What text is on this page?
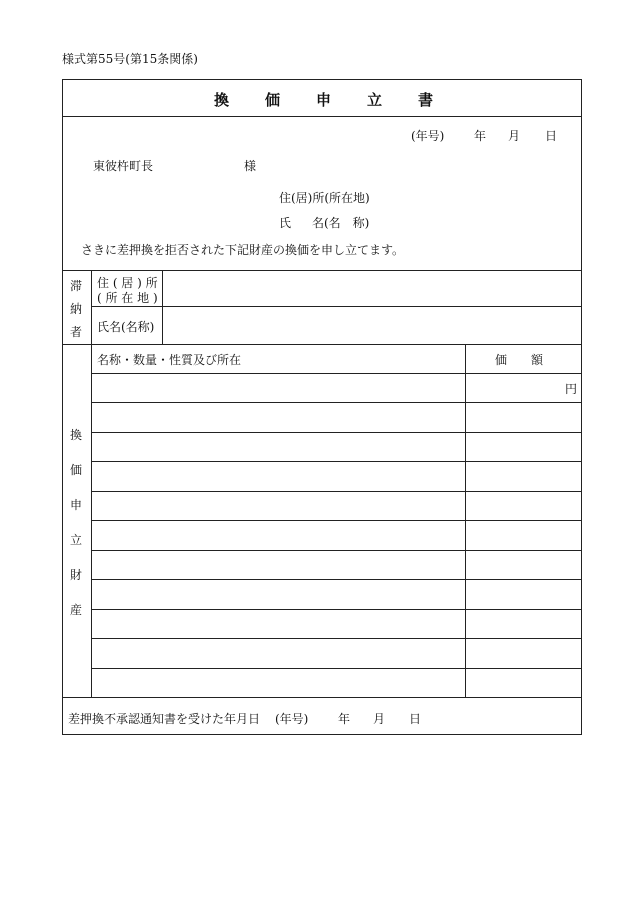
様式第55号(第15条関係)
換 価 申 立 書
(年号) 年 月 日
東彼杵町長	様
住(居)所(所在地)
氏 名(名　称)
さきに差押換を拒否された下記財産の換価を申し立てます。
滞
納
者
住 ( 居 ) 所
( 所 在 地 )
氏名(名称)
換
価
申
立
財
産
名称・数量・性質及び所在	価　　額
円
差押換不承認通知書を受けた年月日 (年号) 年 月 日
